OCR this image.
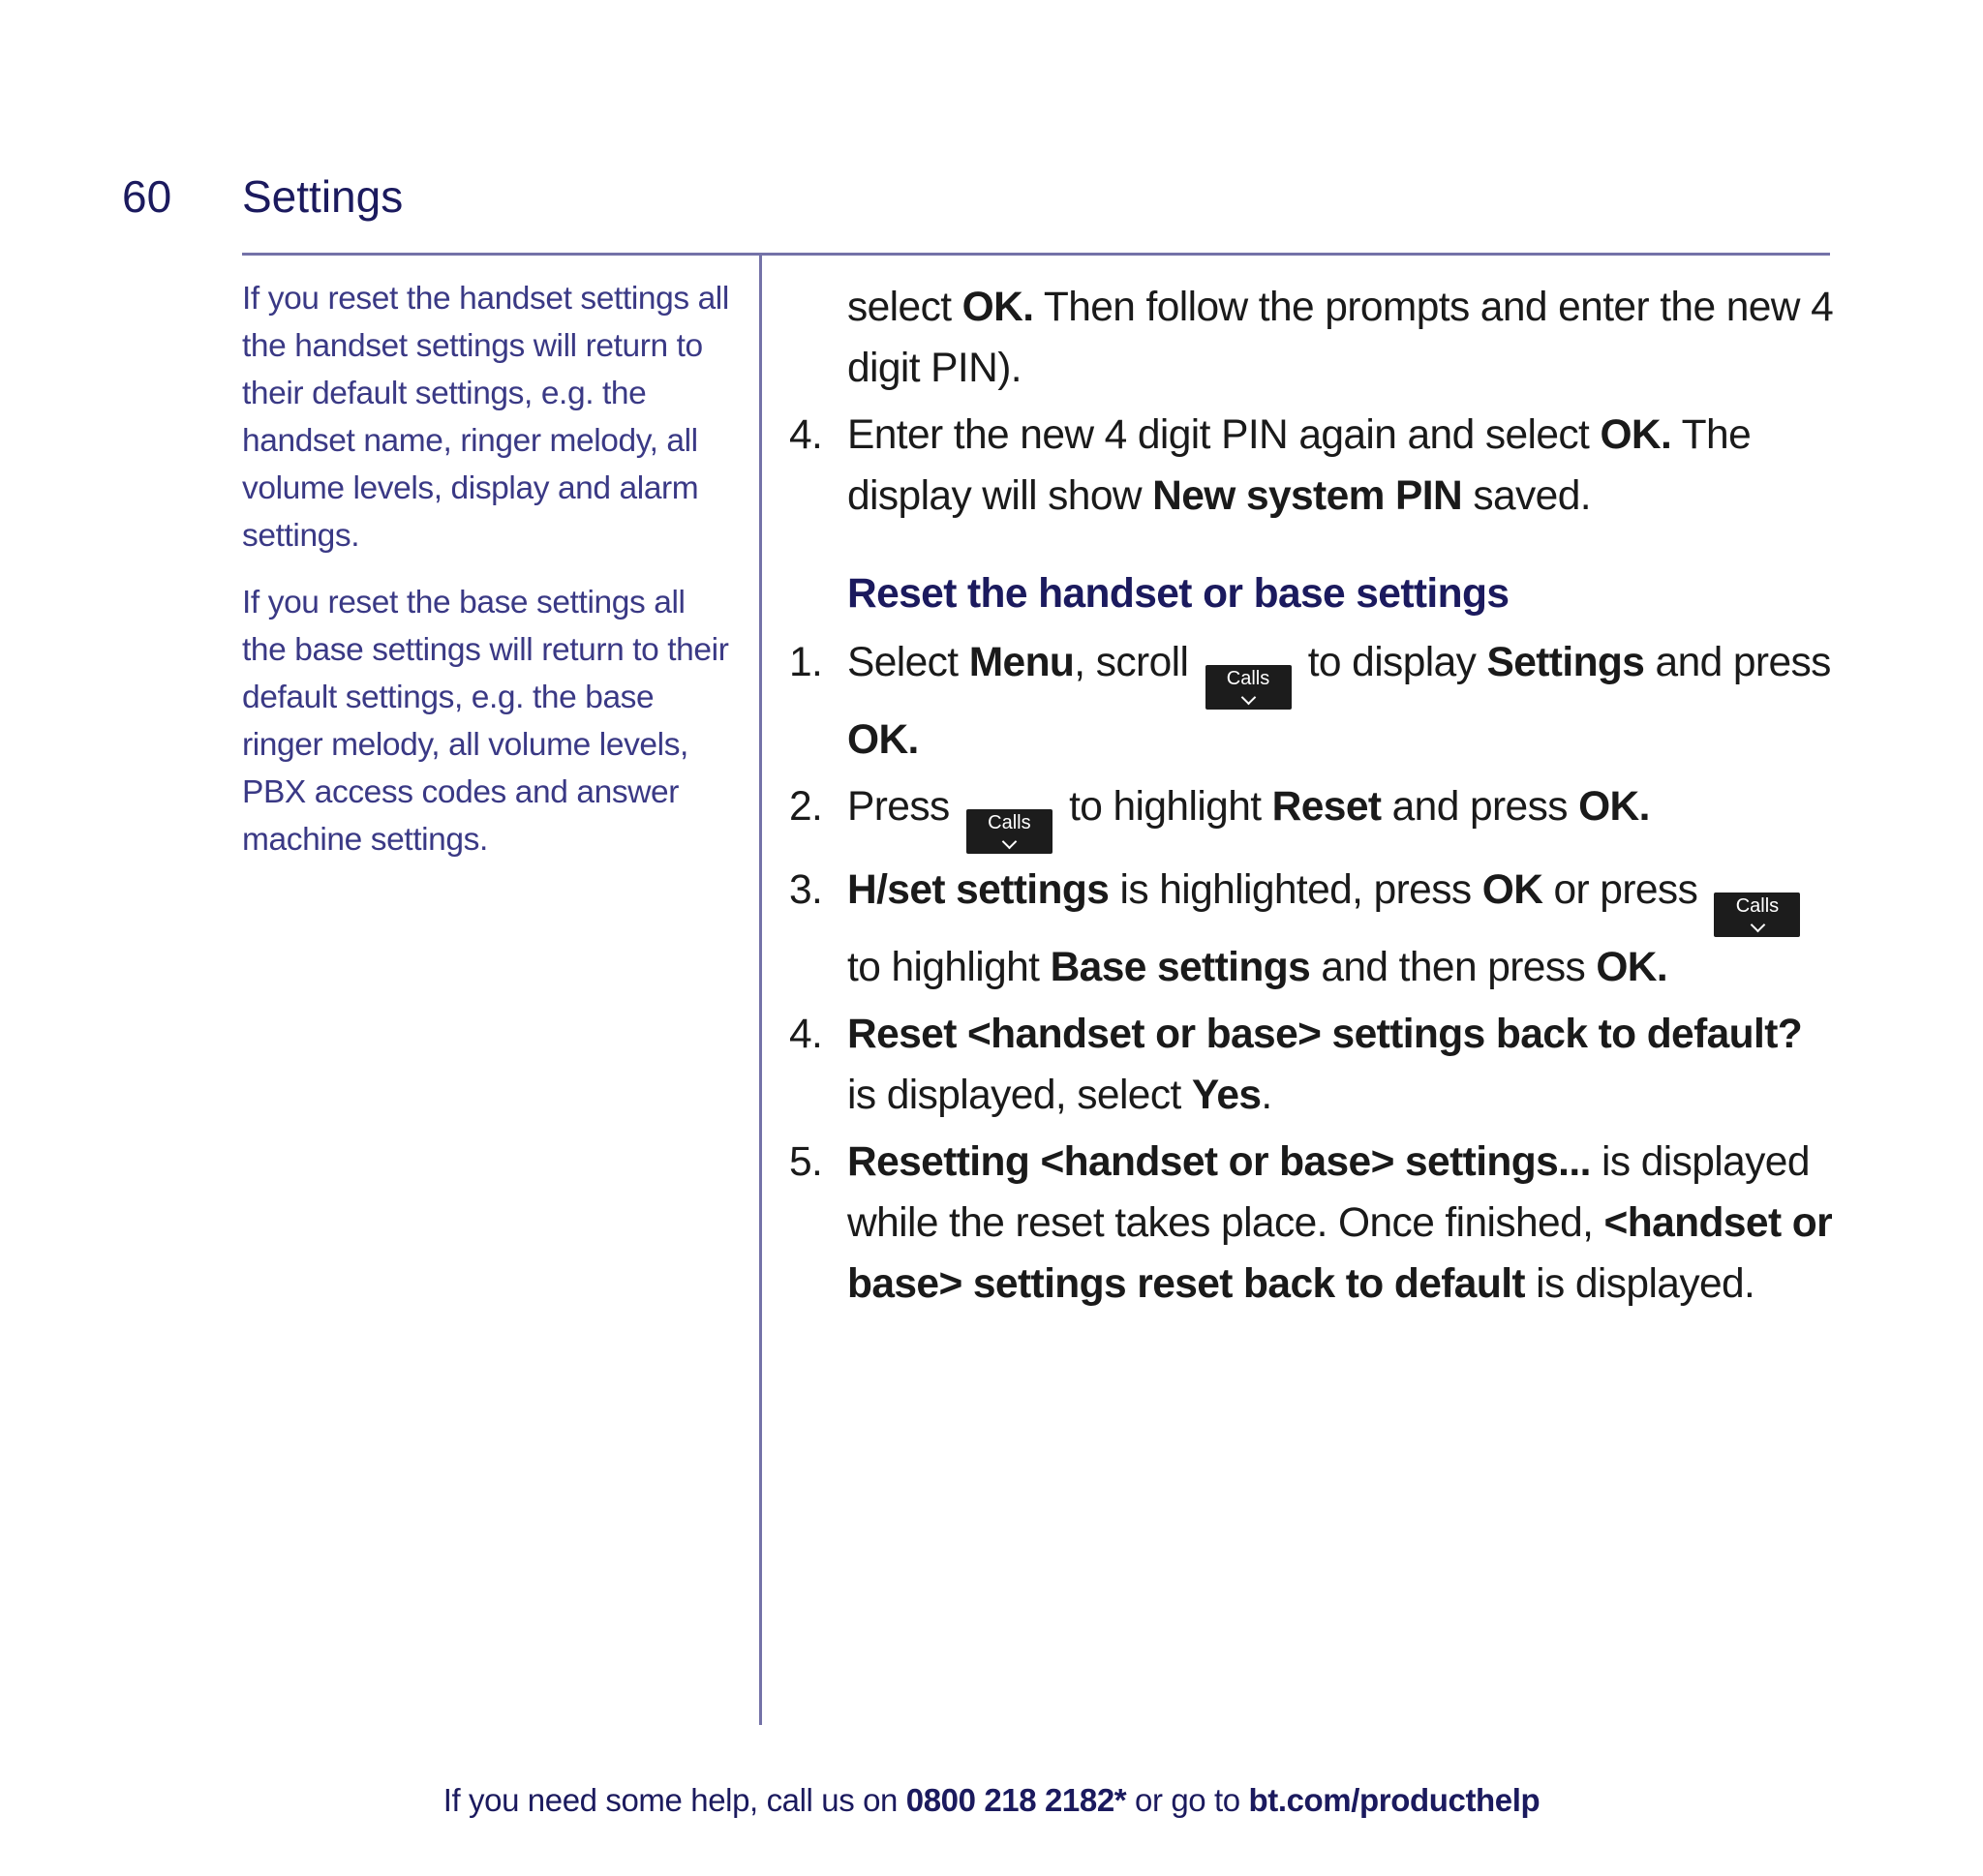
60 Settings

If you reset the handset settings all the handset settings will return to their default settings, e.g. the handset name, ringer melody, all volume levels, display and alarm settings.

If you reset the base settings all the base settings will return to their default settings, e.g. the base ringer melody, all volume levels, PBX access codes and answer machine settings.

select OK. Then follow the prompts and enter the new 4 digit PIN).
4. Enter the new 4 digit PIN again and select OK. The display will show New system PIN saved.
Reset the handset or base settings
1. Select Menu, scroll	Calls to display Settings and press OK.
2. Press	Calls to highlight Reset and press OK.
3. H/set settings is highlighted, press OK or press	Calls
to highlight Base settings and then press OK.
4. Reset <handset or base> settings back to default? is displayed, select Yes.
5. Resetting <handset or base> settings... is displayed while the reset takes place. Once finished, <handset or base> settings reset back to default is displayed.
If you need some help, call us on 0800 218 2182* or go to bt.com/producthelp
